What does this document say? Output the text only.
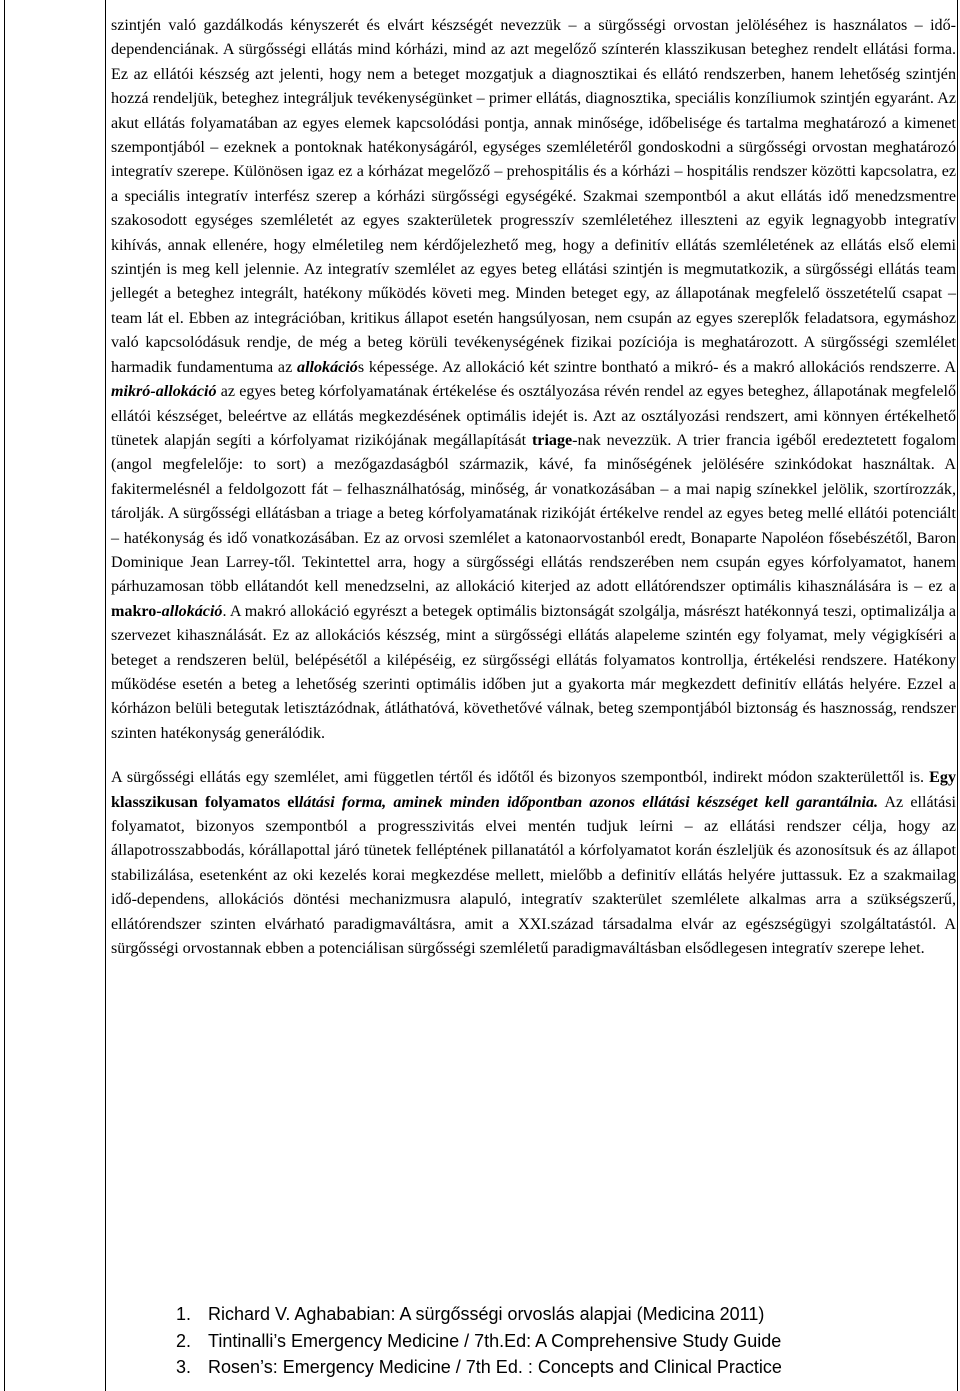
szintjén való gazdálkodás kényszerét és elvárt készségét nevezzük – a sürgősségi orvostan jelöléséhez is használatos – idő-dependenciának. A sürgősségi ellátás mind kórházi, mind az azt megelőző színterén klasszikusan beteghez rendelt ellátási forma. Ez az ellátói készség azt jelenti, hogy nem a beteget mozgatjuk a diagnosztikai és ellátó rendszerben, hanem lehetőség szintjén hozzá rendeljük, beteghez integráljuk tevékenységünket – primer ellátás, diagnosztika, speciális konzíliumok szintjén egyaránt. Az akut ellátás folyamatában az egyes elemek kapcsolódási pontja, annak minősége, időbelisége és tartalma meghatározó a kimenet szempontjából – ezeknek a pontoknak hatékonyságáról, egységes szemléletéről gondoskodni a sürgősségi orvostan meghatározó integratív szerepe. Különösen igaz ez a kórházat megelőző – prehospitális és a kórházi – hospitális rendszer közötti kapcsolatra, ez a speciális integratív interfész szerep a kórházi sürgősségi egységéké. Szakmai szempontból a akut ellátás idő menedzsmentre szakosodott egységes szemléletét az egyes szakterületek progresszív szemléletéhez illeszteni az egyik legnagyobb integratív kihívás, annak ellenére, hogy elméletileg nem kérdőjelezhető meg, hogy a definitív ellátás szemléletének az ellátás első elemi szintjén is meg kell jelennie. Az integratív szemlélet az egyes beteg ellátási szintjén is megmutatkozik, a sürgősségi ellátás team jellegét a beteghez integrált, hatékony működés követi meg. Minden beteget egy, az állapotának megfelelő összetételű csapat – team lát el. Ebben az integrációban, kritikus állapot esetén hangsúlyosan, nem csupán az egyes szereplők feladatsora, egymáshoz való kapcsolódásuk rendje, de még a beteg körüli tevékenységének fizikai pozíciója is meghatározott. A sürgősségi szemlélet harmadik fundamentuma az allokációs képessége. Az allokáció két szintre bontható a mikró- és a makró allokációs rendszerre. A mikró-allokáció az egyes beteg kórfolyamatának értékelése és osztályozása révén rendel az egyes beteghez, állapotának megfelelő ellátói készséget, beleértve az ellátás megkezdésének optimális idejét is. Azt az osztályozási rendszert, ami könnyen értékelhető tünetek alapján segíti a kórfolyamat rizikójának megállapítását triage-nak nevezzük. A trier francia igéből eredeztetett fogalom (angol megfelelője: to sort) a mezőgazdaságból származik, kávé, fa minőségének jelölésére szinkódokat használtak. A fakitermelésnél a feldolgozott fát – felhasználhatóság, minőség, ár vonatkozásában – a mai napig színekkel jelölik, szortírozzák, tárolják. A sürgősségi ellátásban a triage a beteg kórfolyamatának rizikóját értékelve rendel az egyes beteg mellé ellátói potenciált – hatékonyság és idő vonatkozásában. Ez az orvosi szemlélet a katonaorvostanból eredt, Bonaparte Napoléon fősebészétől, Baron Dominique Jean Larrey-től. Tekintettel arra, hogy a sürgősségi ellátás rendszerében nem csupán egyes kórfolyamatot, hanem párhuzamosan több ellátandót kell menedzselni, az allokáció kiterjed az adott ellátórendszer optimális kihasználására is – ez a makro-allokáció. A makró allokáció egyrészt a betegek optimális biztonságát szolgálja, másrészt hatékonnyá teszi, optimalizálja a szervezet kihasználását. Ez az allokációs készség, mint a sürgősségi ellátás alapeleme szintén egy folyamat, mely végigkíséri a beteget a rendszeren belül, belépésétől a kilépéséig, ez sürgősségi ellátás folyamatos kontrollja, értékelési rendszere. Hatékony működése esetén a beteg a lehetőség szerinti optimális időben jut a gyakorta már megkezdett definitív ellátás helyére. Ezzel a kórházon belüli betegutak letisztázódnak, átláthatóvá, követhetővé válnak, beteg szempontjából biztonság és hasznosság, rendszer szinten hatékonyság generálódik.

A sürgősségi ellátás egy szemlélet, ami független tértől és időtől és bizonyos szempontból, indirekt módon szakterülettől is. Egy klasszikusan folyamatos ellátási forma, aminek minden időpontban azonos ellátási készséget kell garantálnia. Az ellátási folyamatot, bizonyos szempontból a progresszivitás elvei mentén tudjuk leírni – az ellátási rendszer célja, hogy az állapotrosszabbodás, kórállapottal járó tünetek felléptének pillanatától a kórfolyamatot korán észleljük és azonosítsuk és az állapot stabilizálása, esetenként az oki kezelés korai megkezdése mellett, mielőbb a definitív ellátás helyére juttassuk. Ez a szakmailag idő-dependens, allokációs döntési mechanizmusra alapuló, integratív szakterület szemlélete alkalmas arra a szükségszerű, ellátórendszer szinten elvárható paradigmaváltásra, amit a XXI.század társadalma elvár az egészségügyi szolgáltatástól. A sürgősségi orvostannak ebben a potenciálisan sürgősségi szemléletű paradigmaváltásban elsődlegesen integratív szerepe lehet.

1. Richard V. Aghababian: A sürgősségi orvoslás alapjai (Medicina 2011)
2. Tintinalli’s Emergency Medicine / 7th.Ed: A Comprehensive Study Guide
3. Rosen’s: Emergency Medicine / 7th Ed. : Concepts and Clinical Practice
